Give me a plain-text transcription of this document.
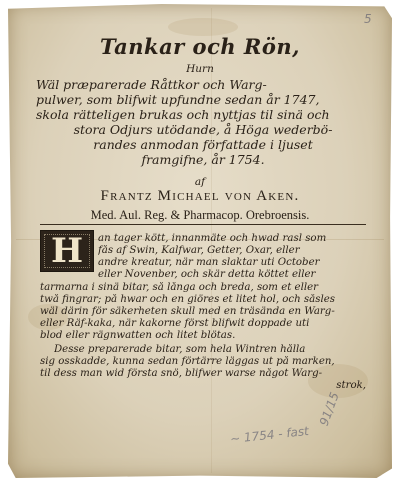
5
Tankar och Rön,
Hurn
Wäl præparerade Råttkor och Warg-
pulwer, som blifwit upfundne sedan år 1747,
skola rätteligen brukas och nyttjas til sinä och
stora Odjurs utödande, å Höga wederbö-
randes anmodan författade i ljuset
framgifne, år 1754.
af
Frantz Michael von Aken.
Med. Aul. Reg. & Pharmacop. Orebroensis.
H	an tager kött, innanmäte och hwad rasl som
fås af Swin, Kalfwar, Getter, Oxar, eller
andre kreatur, när man slaktar uti October
eller Novenber, och skär detta köttet eller
tarmarna i sinä bitar, så långa och breda, som et eller
twå fingrar; på hwar och en giöres et litet hol, och såsles
wäl därin för säkerheten skull med en träsända en Warg-
eller Räf-kaka, när kakorne först blifwit doppade uti
blod eller rägnwatten och litet blötas.
Desse preparerade bitar, som hela Wintren hålla
sig osskadde, kunna sedan förtärre läggas ut på marken,
til dess man wid första snö, blifwer warse något Warg-
strok,
~ 1754 - fast
91/15
